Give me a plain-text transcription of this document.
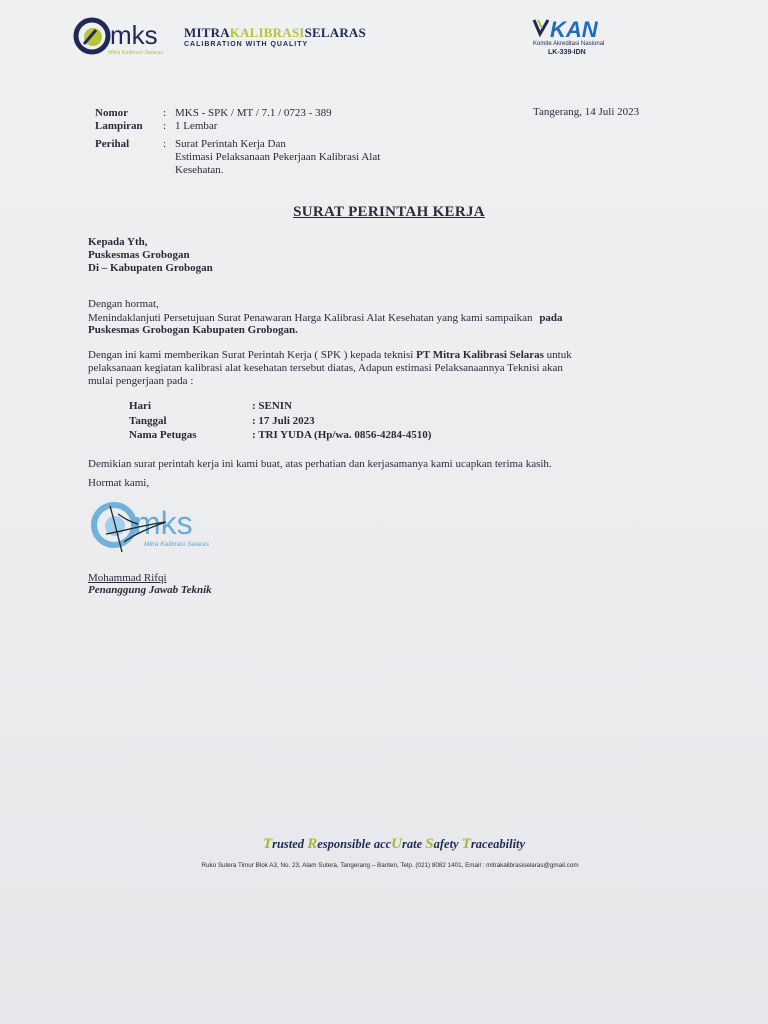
mks
Mitra Kalibrasi Selaras
MITRAKALIBRASISELARAS
CALIBRATION WITH QUALITY
KAN
Komite Akreditasi Nasional
LK-339-IDN
Nomor	: MKS - SPK / MT / 7.1 / 0723 - 389
Lampiran : 1 Lembar
Perihal	: Surat Perintah Kerja Dan
Estimasi Pelaksanaan Pekerjaan Kalibrasi Alat
Kesehatan.
Tangerang, 14 Juli 2023
SURAT PERINTAH KERJA
Kepada Yth,
Puskesmas Grobogan
Di – Kabupaten Grobogan
Dengan hormat,
Menindaklanjuti Persetujuan Surat Penawaran Harga Kalibrasi Alat Kesehatan yang kami sampaikan pada
Puskesmas Grobogan Kabupaten Grobogan.
Dengan ini kami memberikan Surat Perintah Kerja ( SPK ) kepada teknisi PT Mitra Kalibrasi Selaras untuk
pelaksanaan kegiatan kalibrasi alat kesehatan tersebut diatas, Adapun estimasi Pelaksanaannya Teknisi akan
mulai pengerjaan pada :
Hari	: SENIN
Tanggal	: 17 Juli 2023
Nama Petugas	: TRI YUDA (Hp/wa. 0856-4284-4510)
Demikian surat perintah kerja ini kami buat, atas perhatian dan kerjasamanya kami ucapkan terima kasih.
Hormat kami,
mks
Mitra Kalibrasi Selaras
Mohammad Rifqi
Penanggung Jawab Teknik
Trusted Responsible accUrate Safety Traceability
Ruko Sutera Timur Blok A3, No. 23, Alam Sutera, Tangerang – Banten, Telp. (021) 8082 1401, Email : mitrakalibrasiselaras@gmail.com
